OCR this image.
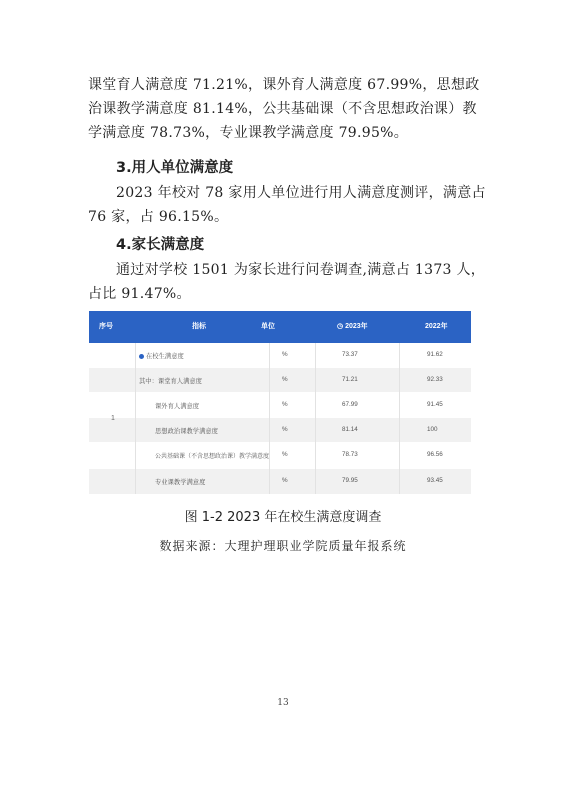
课堂育人满意度 71.21%，课外育人满意度 67.99%，思想政治课教学满意度 81.14%，公共基础课（不含思想政治课）教学满意度 78.73%，专业课教学满意度 79.95%。

3.用人单位满意度

2023 年校对 78 家用人单位进行用人满意度测评，满意占 76 家，占 96.15%。

4.家长满意度

通过对学校 1501 为家长进行问卷调查,满意占 1373 人，占比 91.47%。

序号	指标	单位	◷ 2023年	2022年
在校生满意度	%	73.37	91.62
其中：课堂育人满意度	%	71.21	92.33
课外育人满意度	%	67.99	91.45
思想政治课教学满意度	%	81.14	100
公共基础课（不含思想政治课）教学满意度 %	78.73	96.56
专业课教学满意度	%	79.95	93.45
1

图 1-2 2023 年在校生满意度调查

数据来源：大理护理职业学院质量年报系统

13
